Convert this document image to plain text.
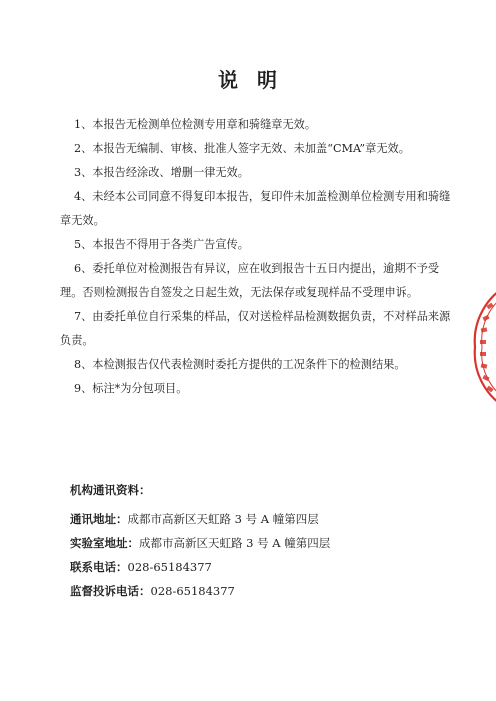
说 明

1、本报告无检测单位检测专用章和骑缝章无效。

2、本报告无编制、审核、批准人签字无效、未加盖“CMA”章无效。

3、本报告经涂改、增删一律无效。

4、未经本公司同意不得复印本报告，复印件未加盖检测单位检测专用和骑缝章无效。

5、本报告不得用于各类广告宣传。

6、委托单位对检测报告有异议，应在收到报告十五日内提出，逾期不予受理。否则检测报告自签发之日起生效，无法保存或复现样品不受理申诉。

7、由委托单位自行采集的样品，仅对送检样品检测数据负责，不对样品来源负责。

8、本检测报告仅代表检测时委托方提供的工况条件下的检测结果。

9、标注*为分包项目。

机构通讯资料：
通讯地址：成都市高新区天虹路 3 号 A 幢第四层
实验室地址：成都市高新区天虹路 3 号 A 幢第四层
联系电话：028-65184377
监督投诉电话：028-65184377
